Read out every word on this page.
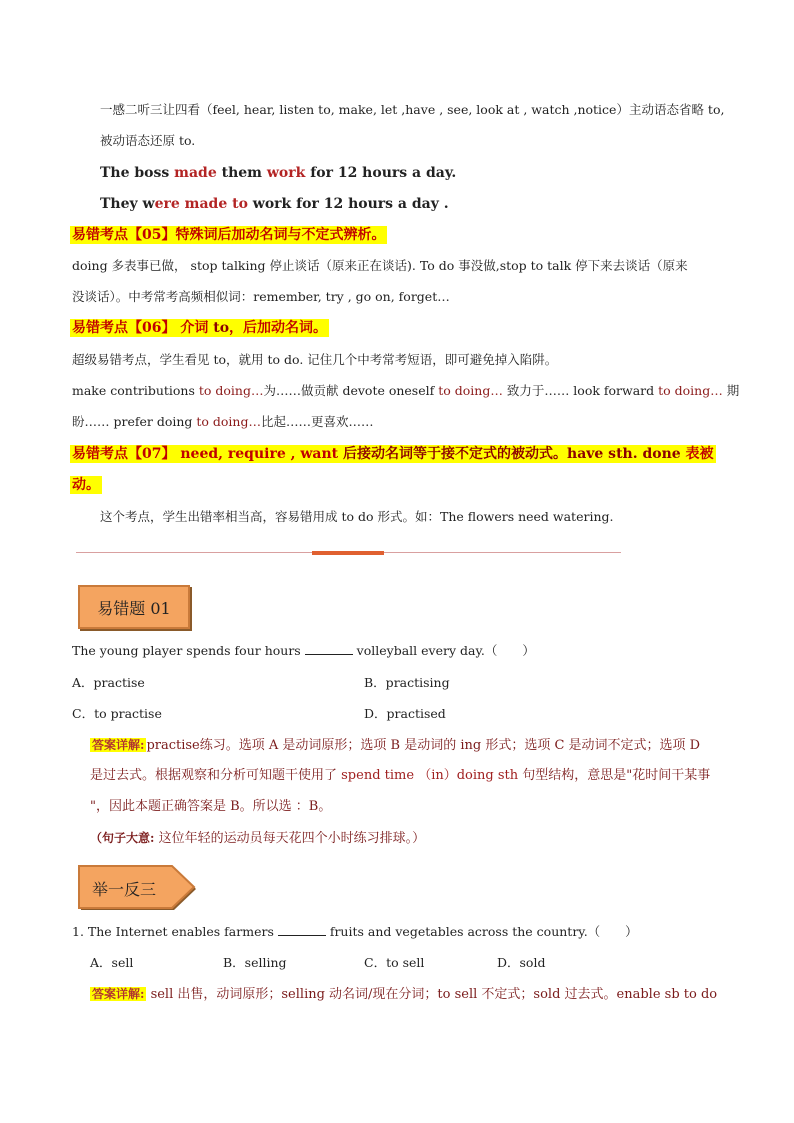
一感二听三让四看（feel, hear, listen to, make, let ,have , see, look at , watch ,notice）主动语态省略 to,
被动语态还原 to.
The boss made them work for 12 hours a day.
They were made to work for 12 hours a day .
易错考点【05】特殊词后加动名词与不定式辨析。
doing 多表事已做， stop talking 停止谈话（原来正在谈话). To do 事没做,stop to talk 停下来去谈话（原来
没谈话）。中考常考高频相似词：remember, try , go on, forget…
易错考点【06】 介词 to，后加动名词。
超级易错考点，学生看见 to，就用 to do. 记住几个中考常考短语，即可避免掉入陷阱。
make contributions to doing…为……做贡献 devote oneself to doing… 致力于…… look forward to doing… 期
盼…… prefer doing to doing…比起……更喜欢……
易错考点【07】 need, require , want 后接动名词等于接不定式的被动式。have sth. done 表被
动。
这个考点，学生出错率相当高，容易错用成 to do 形式。如：The flowers need watering.
易错题 01
The young player spends four hours	volleyball every day.（　　）
A．practise	B．practising
C．to practise	D．practised
答案详解: practise练习。选项 A 是动词原形；选项 B 是动词的 ing 形式；选项 C 是动词不定式；选项 D
是过去式。根据观察和分析可知题干使用了 spend time （in）doing sth 句型结构，意思是"花时间干某事
"，因此本题正确答案是 B。所以选 ：B。
（句子大意: 这位年轻的运动员每天花四个小时练习排球。）
举一反三
1. The Internet enables farmers	fruits and vegetables across the country.（　　）
A．sell	B．selling	C．to sell	D．sold
答案详解: sell 出售，动词原形；selling 动名词/现在分词；to sell 不定式；sold 过去式。enable sb to do
